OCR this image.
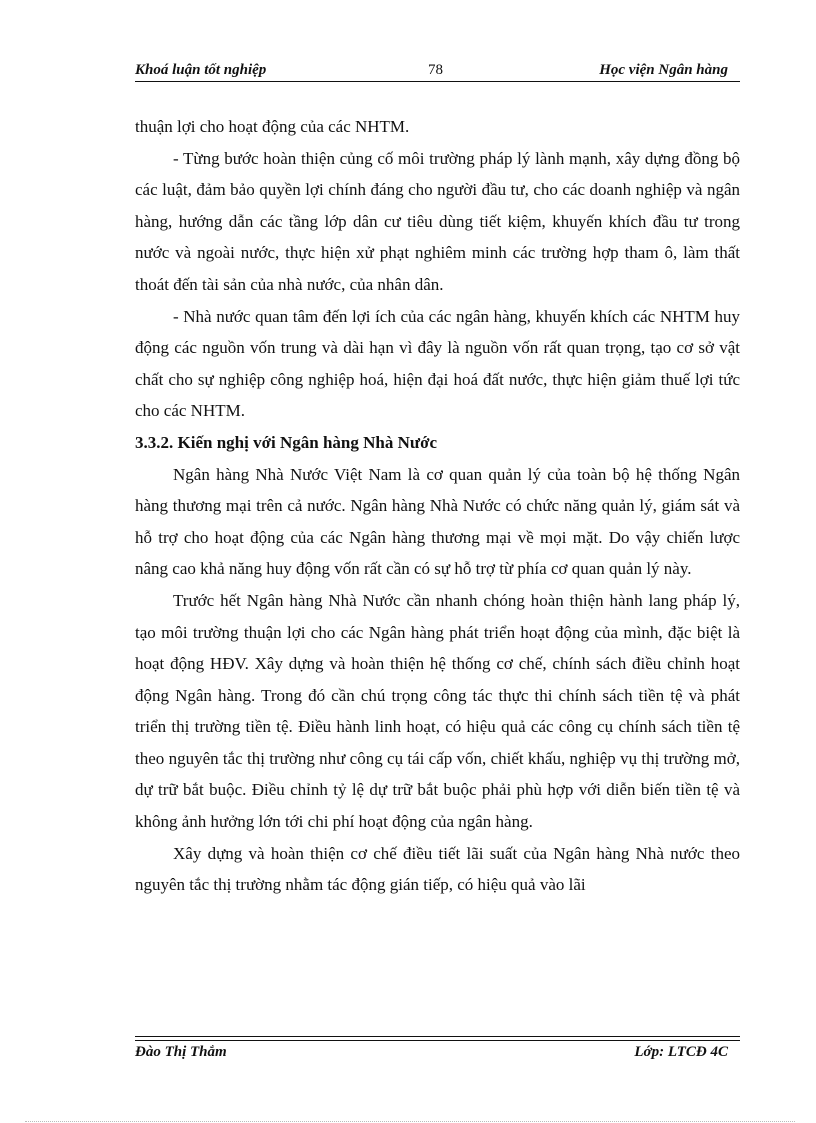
Khoá luận tốt nghiệp	78	Học viện Ngân hàng

thuận lợi cho hoạt động của các NHTM.

- Từng bước hoàn thiện củng cố môi trường pháp lý lành mạnh, xây dựng đồng bộ các luật, đảm bảo quyền lợi chính đáng cho người đầu tư, cho các doanh nghiệp và ngân hàng, hướng dẫn các tầng lớp dân cư tiêu dùng tiết kiệm, khuyến khích đầu tư trong nước và ngoài nước, thực hiện xử phạt nghiêm minh các trường hợp tham ô, làm thất thoát đến tài sản của nhà nước, của nhân dân.

- Nhà nước quan tâm đến lợi ích của các ngân hàng, khuyến khích các NHTM huy động các nguồn vốn trung và dài hạn vì đây là nguồn vốn rất quan trọng, tạo cơ sở vật chất cho sự nghiệp công nghiệp hoá, hiện đại hoá đất nước, thực hiện giảm thuế lợi tức cho các NHTM.

3.3.2. Kiến nghị với Ngân hàng Nhà Nước

Ngân hàng Nhà Nước Việt Nam là cơ quan quản lý của toàn bộ hệ thống Ngân hàng thương mại trên cả nước. Ngân hàng Nhà Nước có chức năng quản lý, giám sát và hỗ trợ cho hoạt động của các Ngân hàng thương mại về mọi mặt. Do vậy chiến lược nâng cao khả năng huy động vốn rất cần có sự hỗ trợ từ phía cơ quan quản lý này.

Trước hết Ngân hàng Nhà Nước cần nhanh chóng hoàn thiện hành lang pháp lý, tạo môi trường thuận lợi cho các Ngân hàng phát triển hoạt động của mình, đặc biệt là hoạt động HĐV. Xây dựng và hoàn thiện hệ thống cơ chế, chính sách điều chỉnh hoạt động Ngân hàng. Trong đó cần chú trọng công tác thực thi chính sách tiền tệ và phát triển thị trường tiền tệ. Điều hành linh hoạt, có hiệu quả các công cụ chính sách tiền tệ theo nguyên tắc thị trường như công cụ tái cấp vốn, chiết khấu, nghiệp vụ thị trường mở, dự trữ bắt buộc. Điều chỉnh tỷ lệ dự trữ bắt buộc phải phù hợp với diễn biến tiền tệ và không ảnh hưởng lớn tới chi phí hoạt động của ngân hàng.

Xây dựng và hoàn thiện cơ chế điều tiết lãi suất của Ngân hàng Nhà nước theo nguyên tắc thị trường nhằm tác động gián tiếp, có hiệu quả vào lãi

Đào Thị Thắm	Lớp: LTCĐ 4C
